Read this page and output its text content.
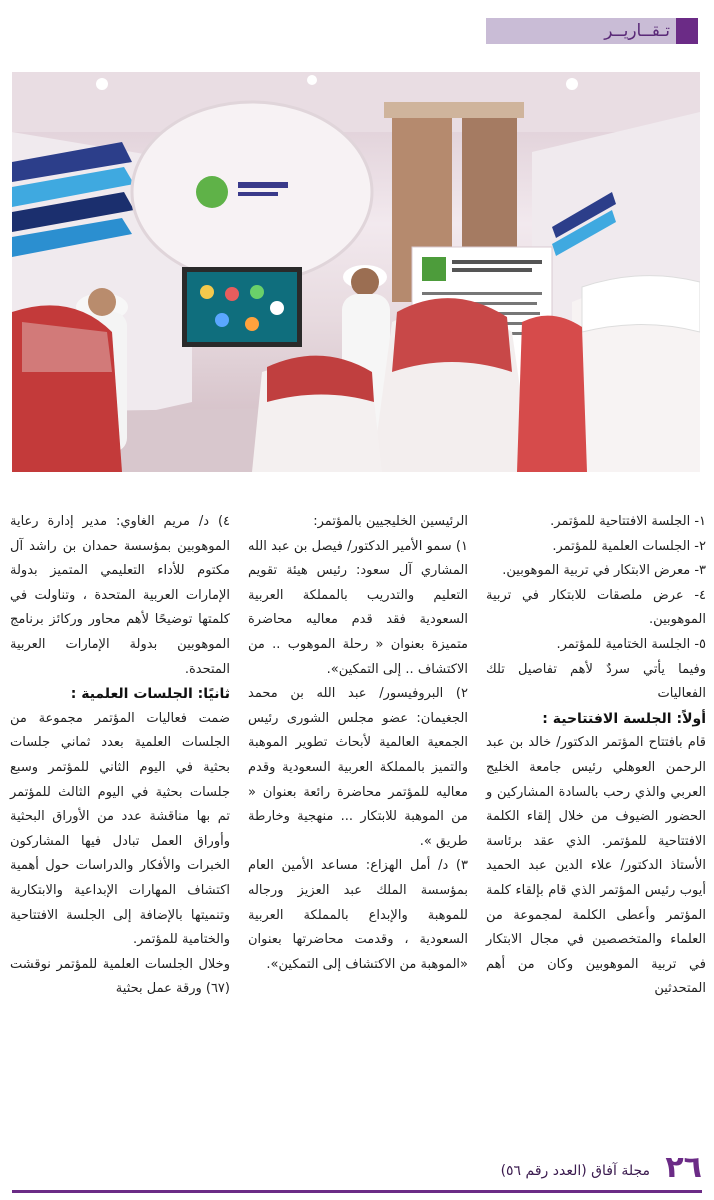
تـقــاريــر

١- الجلسة الافتتاحية للمؤتمر.

٢- الجلسات العلمية للمؤتمر.

٣- معرض الابتكار في تربية الموهوبين.

٤- عرض ملصقات للابتكار في تربية الموهوبين.

٥- الجلسة الختامية للمؤتمر.

وفيما يأتي سردٌ لأهم تفاصيل تلك الفعاليات

أولاً: الجلسة الافتتاحية :

قام بافتتاح المؤتمر الدكتور/ خالد بن عبد الرحمن العوهلي رئيس جامعة الخليج العربي والذي رحب بالسادة المشاركين و الحضور الضيوف من خلال إلقاء الكلمة الافتتاحية للمؤتمر. الذي عقد برئاسة الأستاذ الدكتور/ علاء الدين عبد الحميد أيوب رئيس المؤتمر الذي قام بإلقاء كلمة المؤتمر وأعطى الكلمة لمجموعة من العلماء والمتخصصين في مجال الابتكار في تربية الموهوبين وكان من أهم المتحدثين

الرئيسين الخليجيين بالمؤتمر:

١) سمو الأمير الدكتور/ فيصل بن عبد الله المشاري آل سعود: رئيس هيئة تقويم التعليم والتدريب بالمملكة العربية السعودية فقد قدم معاليه محاضرة متميزة بعنوان « رحلة الموهوب .. من الاكتشاف .. إلى التمكين».

٢) البروفيسور/ عبد الله بن محمد الجغيمان: عضو مجلس الشورى رئيس الجمعية العالمية لأبحاث تطوير الموهبة والتميز بالمملكة العربية السعودية وقدم معاليه للمؤتمر محاضرة رائعة بعنوان « من الموهبة للابتكار ... منهجية وخارطة طريق ».

٣) د/ أمل الهزاع: مساعد الأمين العام بمؤسسة الملك عبد العزيز ورجاله للموهبة والإبداع بالمملكة العربية السعودية ، وقدمت محاضرتها بعنوان «الموهبة من الاكتشاف إلى التمكين».

٤) د/ مريم الغاوي: مدير إدارة رعاية الموهوبين بمؤسسة حمدان بن راشد آل مكتوم للأداء التعليمي المتميز بدولة الإمارات العربية المتحدة ، وتناولت في كلمتها توضيحًا لأهم محاور وركائز برنامج الموهوبين بدولة الإمارات العربية المتحدة.

ثانيًا: الجلسات العلمية :

ضمت فعاليات المؤتمر مجموعة من الجلسات العلمية بعدد ثماني جلسات بحثية في اليوم الثاني للمؤتمر وسبع جلسات بحثية في اليوم الثالث للمؤتمر تم بها مناقشة عدد من الأوراق البحثية وأوراق العمل تبادل فيها المشاركون الخبرات والأفكار والدراسات حول أهمية اكتشاف المهارات الإبداعية والابتكارية وتنميتها بالإضافة إلى الجلسة الافتتاحية والختامية للمؤتمر.

وخلال الجلسات العلمية للمؤتمر نوقشت (٦٧) ورقة عمل بحثية

٢٦
مجلة آفاق (العدد رقم ٥٦)
